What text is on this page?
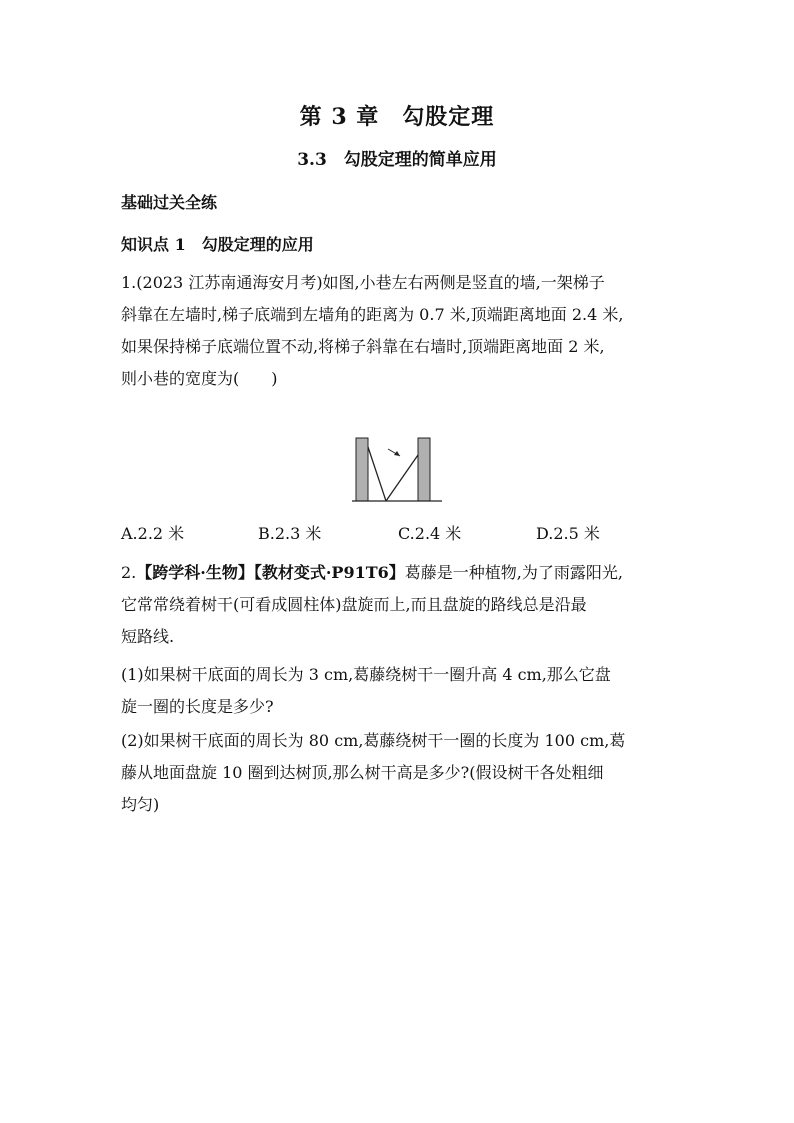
第 3 章　勾股定理
3.3　勾股定理的简单应用
基础过关全练
知识点 1　勾股定理的应用
1.(2023 江苏南通海安月考)如图,小巷左右两侧是竖直的墙,一架梯子
斜靠在左墙时,梯子底端到左墙角的距离为 0.7 米,顶端距离地面 2.4 米,
如果保持梯子底端位置不动,将梯子斜靠在右墙时,顶端距离地面 2 米,
则小巷的宽度为(　　)
A.2.2 米	B.2.3 米	C.2.4 米	D.2.5 米
2.【跨学科·生物】【教材变式·P91T6】葛藤是一种植物,为了雨露阳光,
它常常绕着树干(可看成圆柱体)盘旋而上,而且盘旋的路线总是沿最
短路线.
(1)如果树干底面的周长为 3 cm,葛藤绕树干一圈升高 4 cm,那么它盘
旋一圈的长度是多少?
(2)如果树干底面的周长为 80 cm,葛藤绕树干一圈的长度为 100 cm,葛
藤从地面盘旋 10 圈到达树顶,那么树干高是多少?(假设树干各处粗细
均匀)
